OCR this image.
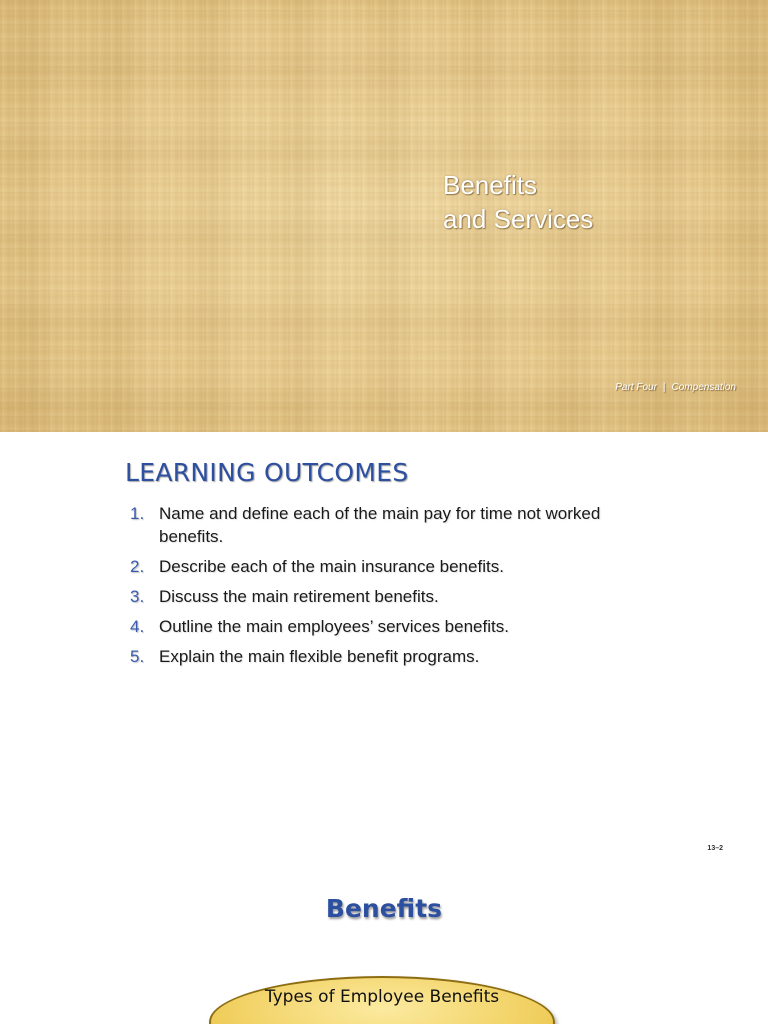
Benefits
and Services
Part Four | Compensation
LEARNING OUTCOMES
1. Name and define each of the main pay for time not worked benefits.
2. Describe each of the main insurance benefits.
3. Discuss the main retirement benefits.
4. Outline the main employees’ services benefits.
5. Explain the main flexible benefit programs.
13–2
Benefits
Types of Employee Benefits
